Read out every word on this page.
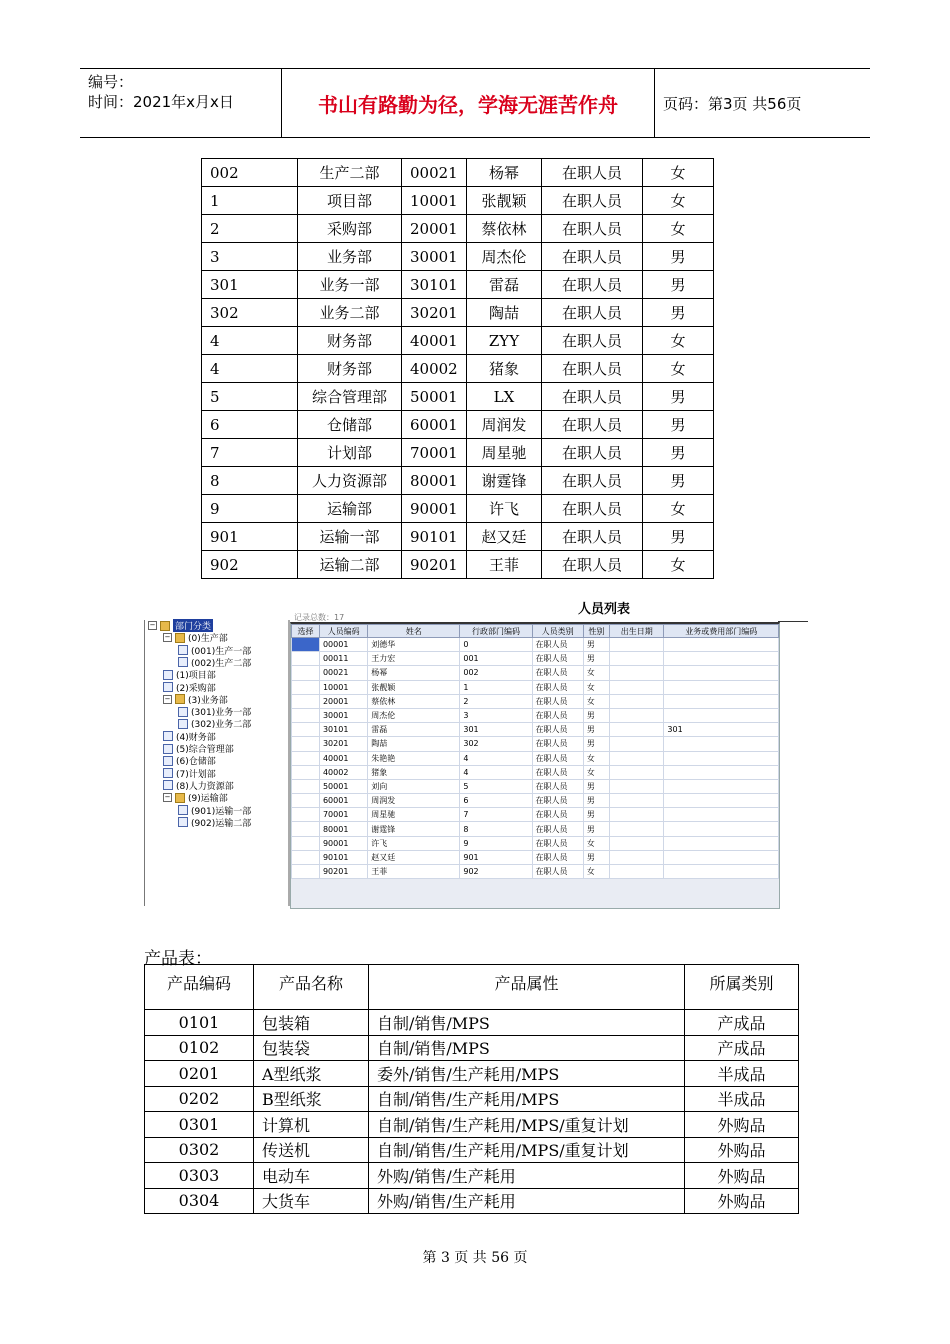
编号：
时间：2021年x月x日	书山有路勤为径，学海无涯苦作舟	页码：第3页 共56页
002	生产二部	00021	杨幂	在职人员	女
1	项目部	10001	张靓颖	在职人员	女
2	采购部	20001	蔡依林	在职人员	女
3	业务部	30001	周杰伦	在职人员	男
301	业务一部	30101	雷磊	在职人员	男
302	业务二部	30201	陶喆	在职人员	男
4	财务部	40001	ZYY	在职人员	女
4	财务部	40002	猪象	在职人员	女
5	综合管理部	50001	LX	在职人员	男
6	仓储部	60001	周润发	在职人员	男
7	计划部	70001	周星驰	在职人员	男
8	人力资源部	80001	谢霆锋	在职人员	男
9	运输部	90001	许飞	在职人员	女
901	运输一部	90101	赵又廷	在职人员	男
902	运输二部	90201	王菲	在职人员	女
人员列表
记录总数：17
− 部门分类
− (0)生产部
(001)生产一部
(002)生产二部
(1)项目部
(2)采购部
− (3)业务部
(301)业务一部
(302)业务二部
(4)财务部
(5)综合管理部
(6)仓储部
(7)计划部
(8)人力资源部
− (9)运输部
(901)运输一部
(902)运输二部
选择	人员编码	姓名	行政部门编码	人员类别	性别	出生日期	业务或费用部门编码
	00001	刘德华	0	在职人员	男		
	00011	王力宏	001	在职人员	男		
	00021	杨幂	002	在职人员	女		
	10001	张靓颖	1	在职人员	女		
	20001	蔡依林	2	在职人员	女		
	30001	周杰伦	3	在职人员	男		
	30101	雷磊	301	在职人员	男		301
	30201	陶喆	302	在职人员	男		
	40001	朱艳艳	4	在职人员	女		
	40002	猪象	4	在职人员	女		
	50001	刘向	5	在职人员	男		
	60001	周润发	6	在职人员	男		
	70001	周星驰	7	在职人员	男		
	80001	谢霆锋	8	在职人员	男		
	90001	许飞	9	在职人员	女		
	90101	赵又廷	901	在职人员	男		
	90201	王菲	902	在职人员	女		
产品表：
产品编码	产品名称	产品属性	所属类别
0101	包装箱	自制/销售/MPS	产成品
0102	包装袋	自制/销售/MPS	产成品
0201	A型纸浆	委外/销售/生产耗用/MPS	半成品
0202	B型纸浆	自制/销售/生产耗用/MPS	半成品
0301	计算机	自制/销售/生产耗用/MPS/重复计划	外购品
0302	传送机	自制/销售/生产耗用/MPS/重复计划	外购品
0303	电动车	外购/销售/生产耗用	外购品
0304	大货车	外购/销售/生产耗用	外购品
第 3 页 共 56 页
